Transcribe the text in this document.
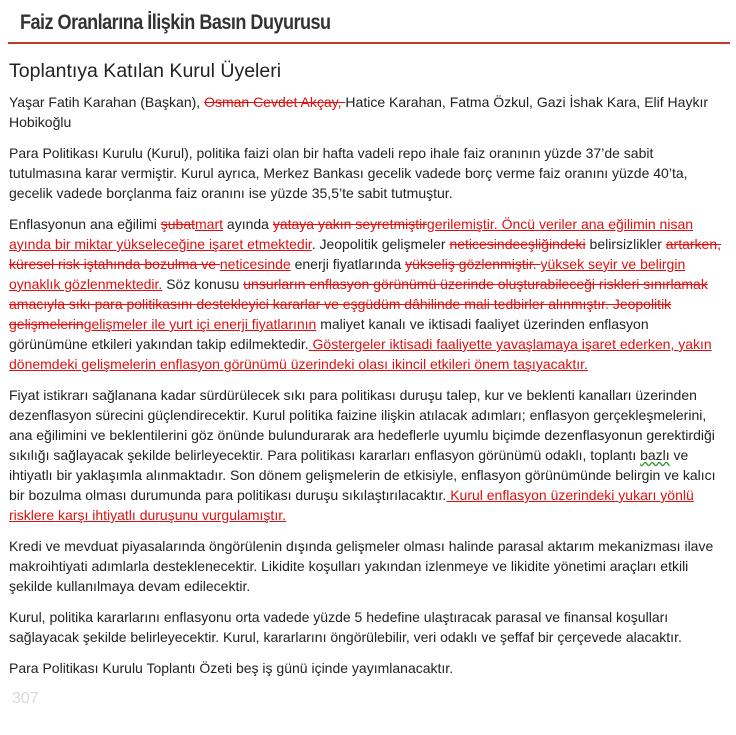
Faiz Oranlarına İlişkin Basın Duyurusu
Toplantıya Katılan Kurul Üyeleri

Yaşar Fatih Karahan (Başkan), Osman Cevdet Akçay, Hatice Karahan, Fatma Özkul, Gazi İshak Kara, Elif Haykır Hobikoğlu

Para Politikası Kurulu (Kurul), politika faizi olan bir hafta vadeli repo ihale faiz oranının yüzde 37’de sabit tutulmasına karar vermiştir. Kurul ayrıca, Merkez Bankası gecelik vadede borç verme faiz oranını yüzde 40’ta, gecelik vadede borçlanma faiz oranını ise yüzde 35,5’te sabit tutmuştur.

Enflasyonun ana eğilimi şubatmart ayında yataya yakın seyretmiştirgerilemiştir. Öncü veriler ana eğilimin nisan ayında bir miktar yükseleceğine işaret etmektedir. Jeopolitik gelişmeler neticesindeeşliğindeki belirsizlikler artarken, küresel risk iştahında bozulma ve neticesinde enerji fiyatlarında yükseliş gözlenmiştir. yüksek seyir ve belirgin oynaklık gözlenmektedir. Söz konusu unsurların enflasyon görünümü üzerinde oluşturabileceği riskleri sınırlamak amacıyla sıkı para politikasını destekleyici kararlar ve eşgüdüm dâhilinde mali tedbirler alınmıştır. Jeopolitik gelişmeleringelişmeler ile yurt içi enerji fiyatlarının maliyet kanalı ve iktisadi faaliyet üzerinden enflasyon görünümüne etkileri yakından takip edilmektedir. Göstergeler iktisadi faaliyette yavaşlamaya işaret ederken, yakın dönemdeki gelişmelerin enflasyon görünümü üzerindeki olası ikincil etkileri önem taşıyacaktır.

Fiyat istikrarı sağlanana kadar sürdürülecek sıkı para politikası duruşu talep, kur ve beklenti kanalları üzerinden dezenflasyon sürecini güçlendirecektir. Kurul politika faizine ilişkin atılacak adımları; enflasyon gerçekleşmelerini, ana eğilimini ve beklentilerini göz önünde bulundurarak ara hedeflerle uyumlu biçimde dezenflasyonun gerektirdiği sıkılığı sağlayacak şekilde belirleyecektir. Para politikası kararları enflasyon görünümü odaklı, toplantı bazlı ve ihtiyatlı bir yaklaşımla alınmaktadır. Son dönem gelişmelerin de etkisiyle, enflasyon görünümünde belirgin ve kalıcı bir bozulma olması durumunda para politikası duruşu sıkılaştırılacaktır. Kurul enflasyon üzerindeki yukarı yönlü risklere karşı ihtiyatlı duruşunu vurgulamıştır.

Kredi ve mevduat piyasalarında öngörülenin dışında gelişmeler olması halinde parasal aktarım mekanizması ilave makroihtiyati adımlarla desteklenecektir. Likidite koşulları yakından izlenmeye ve likidite yönetimi araçları etkili şekilde kullanılmaya devam edilecektir.

Kurul, politika kararlarını enflasyonu orta vadede yüzde 5 hedefine ulaştıracak parasal ve finansal koşulları sağlayacak şekilde belirleyecektir. Kurul, kararlarını öngörülebilir, veri odaklı ve şeffaf bir çerçevede alacaktır.

Para Politikası Kurulu Toplantı Özeti beş iş günü içinde yayımlanacaktır.

307
